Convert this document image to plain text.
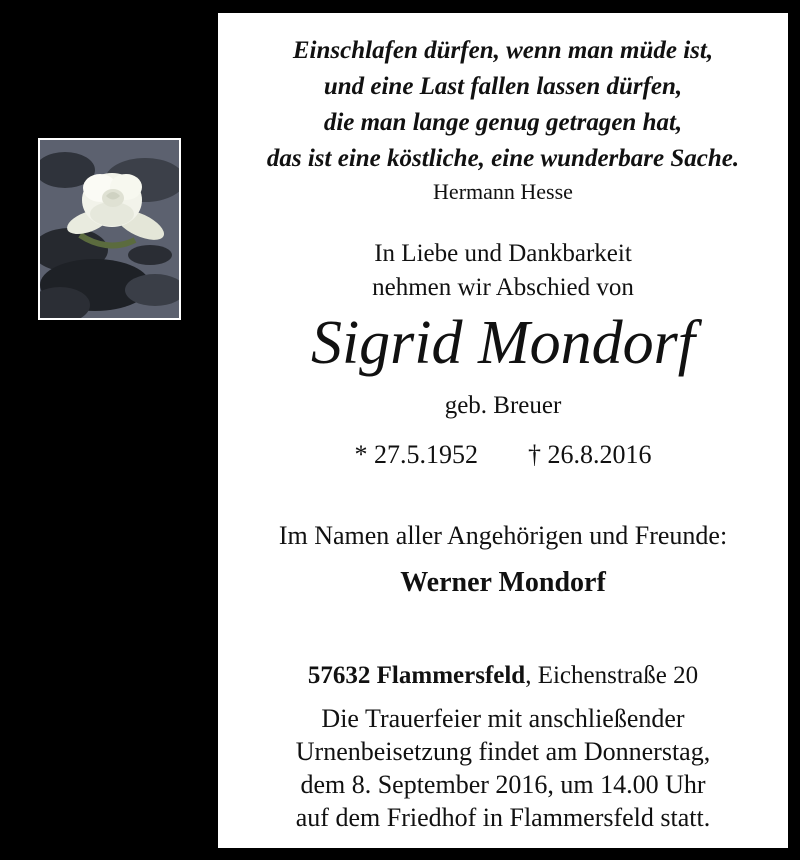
Einschlafen dürfen, wenn man müde ist,
und eine Last fallen lassen dürfen,
die man lange genug getragen hat,
das ist eine köstliche, eine wunderbare Sache.
Hermann Hesse
In Liebe und Dankbarkeit
nehmen wir Abschied von
Sigrid Mondorf
geb. Breuer
* 27.5.1952 † 26.8.2016
Im Namen aller Angehörigen und Freunde:
Werner Mondorf
57632 Flammersfeld, Eichenstraße 20
Die Trauerfeier mit anschließender
Urnenbeisetzung findet am Donnerstag,
dem 8. September 2016, um 14.00 Uhr
auf dem Friedhof in Flammersfeld statt.
